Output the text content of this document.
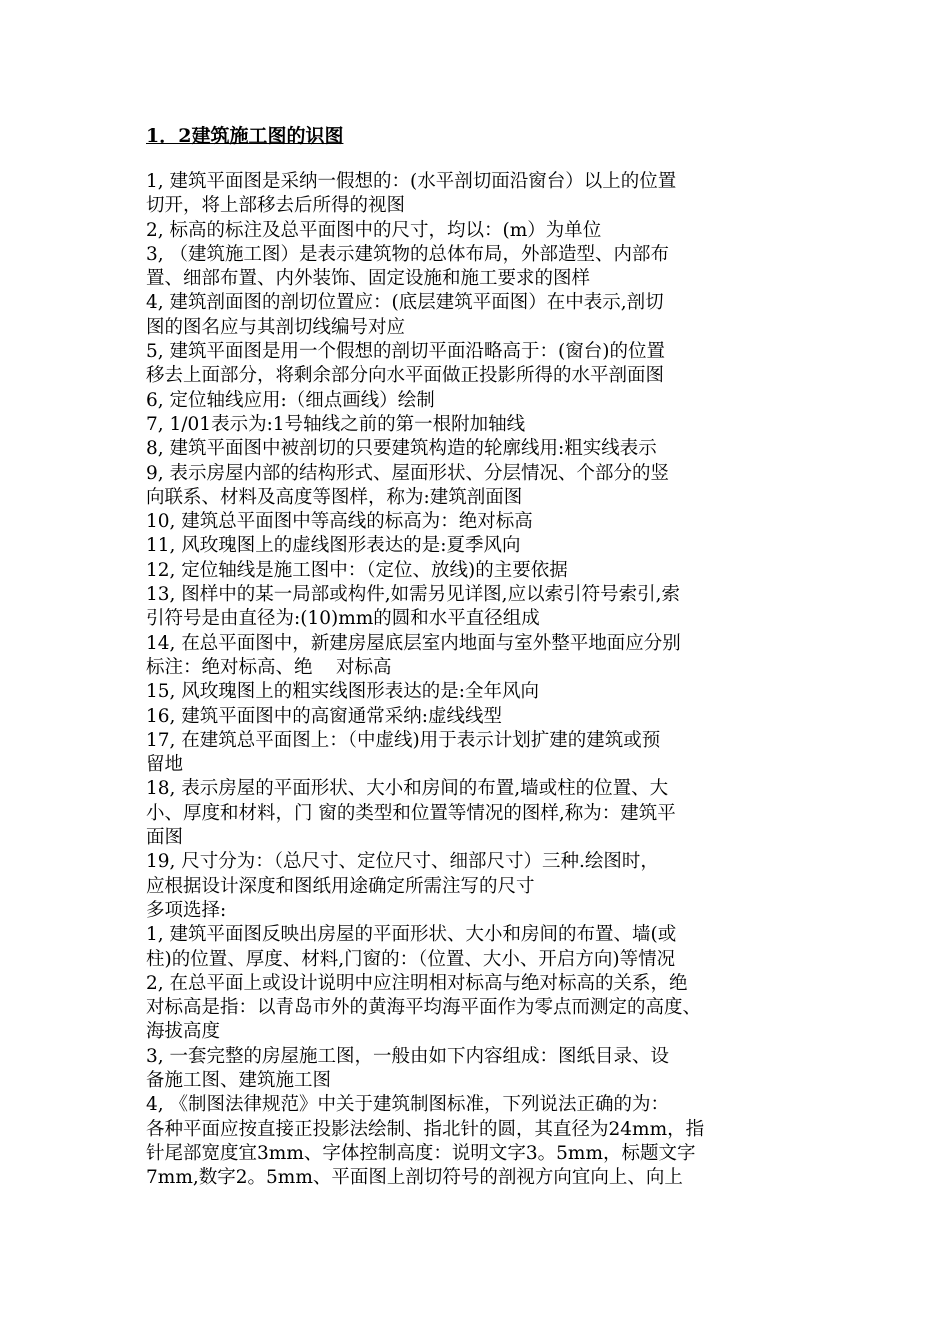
1．2建筑施工图的识图
1, 建筑平面图是采纳一假想的：(水平剖切面沿窗台）以上的位置
切开，将上部移去后所得的视图
2, 标高的标注及总平面图中的尺寸，均以：(m）为单位
3, （建筑施工图）是表示建筑物的总体布局，外部造型、内部布
置、细部布置、内外装饰、固定设施和施工要求的图样
4, 建筑剖面图的剖切位置应：(底层建筑平面图）在中表示,剖切
图的图名应与其剖切线编号对应
5, 建筑平面图是用一个假想的剖切平面沿略高于：(窗台)的位置
移去上面部分，将剩余部分向水平面做正投影所得的水平剖面图
6, 定位轴线应用:（细点画线）绘制
7, 1/01表示为:1号轴线之前的第一根附加轴线
8, 建筑平面图中被剖切的只要建筑构造的轮廓线用:粗实线表示
9, 表示房屋内部的结构形式、屋面形状、分层情况、个部分的竖
向联系、材料及高度等图样，称为:建筑剖面图
10, 建筑总平面图中等高线的标高为：绝对标高
11, 风玫瑰图上的虚线图形表达的是:夏季风向
12, 定位轴线是施工图中：（定位、放线)的主要依据
13, 图样中的某一局部或构件,如需另见详图,应以索引符号索引,索
引符号是由直径为:(10)mm的圆和水平直径组成
14, 在总平面图中，新建房屋底层室内地面与室外整平地面应分别
标注：绝对标高、绝    对标高
15, 风玫瑰图上的粗实线图形表达的是:全年风向
16, 建筑平面图中的高窗通常采纳:虚线线型
17, 在建筑总平面图上：（中虚线)用于表示计划扩建的建筑或预
留地
18, 表示房屋的平面形状、大小和房间的布置,墙或柱的位置、大
小、厚度和材料，门 窗的类型和位置等情况的图样,称为：建筑平
面图
19, 尺寸分为：（总尺寸、定位尺寸、细部尺寸）三种.绘图时，
应根据设计深度和图纸用途确定所需注写的尺寸
多项选择:
1, 建筑平面图反映出房屋的平面形状、大小和房间的布置、墙(或
柱)的位置、厚度、材料,门窗的：（位置、大小、开启方向)等情况
2, 在总平面上或设计说明中应注明相对标高与绝对标高的关系，绝
对标高是指：以青岛市外的黄海平均海平面作为零点而测定的高度、
海拔高度
3, 一套完整的房屋施工图，一般由如下内容组成：图纸目录、设
备施工图、建筑施工图
4, 《制图法律规范》中关于建筑制图标准，下列说法正确的为：
各种平面应按直接正投影法绘制、指北针的圆，其直径为24mm，指
针尾部宽度宜3mm、字体控制高度：说明文字3。5mm，标题文字
7mm,数字2。5mm、平面图上剖切符号的剖视方向宜向上、向上
